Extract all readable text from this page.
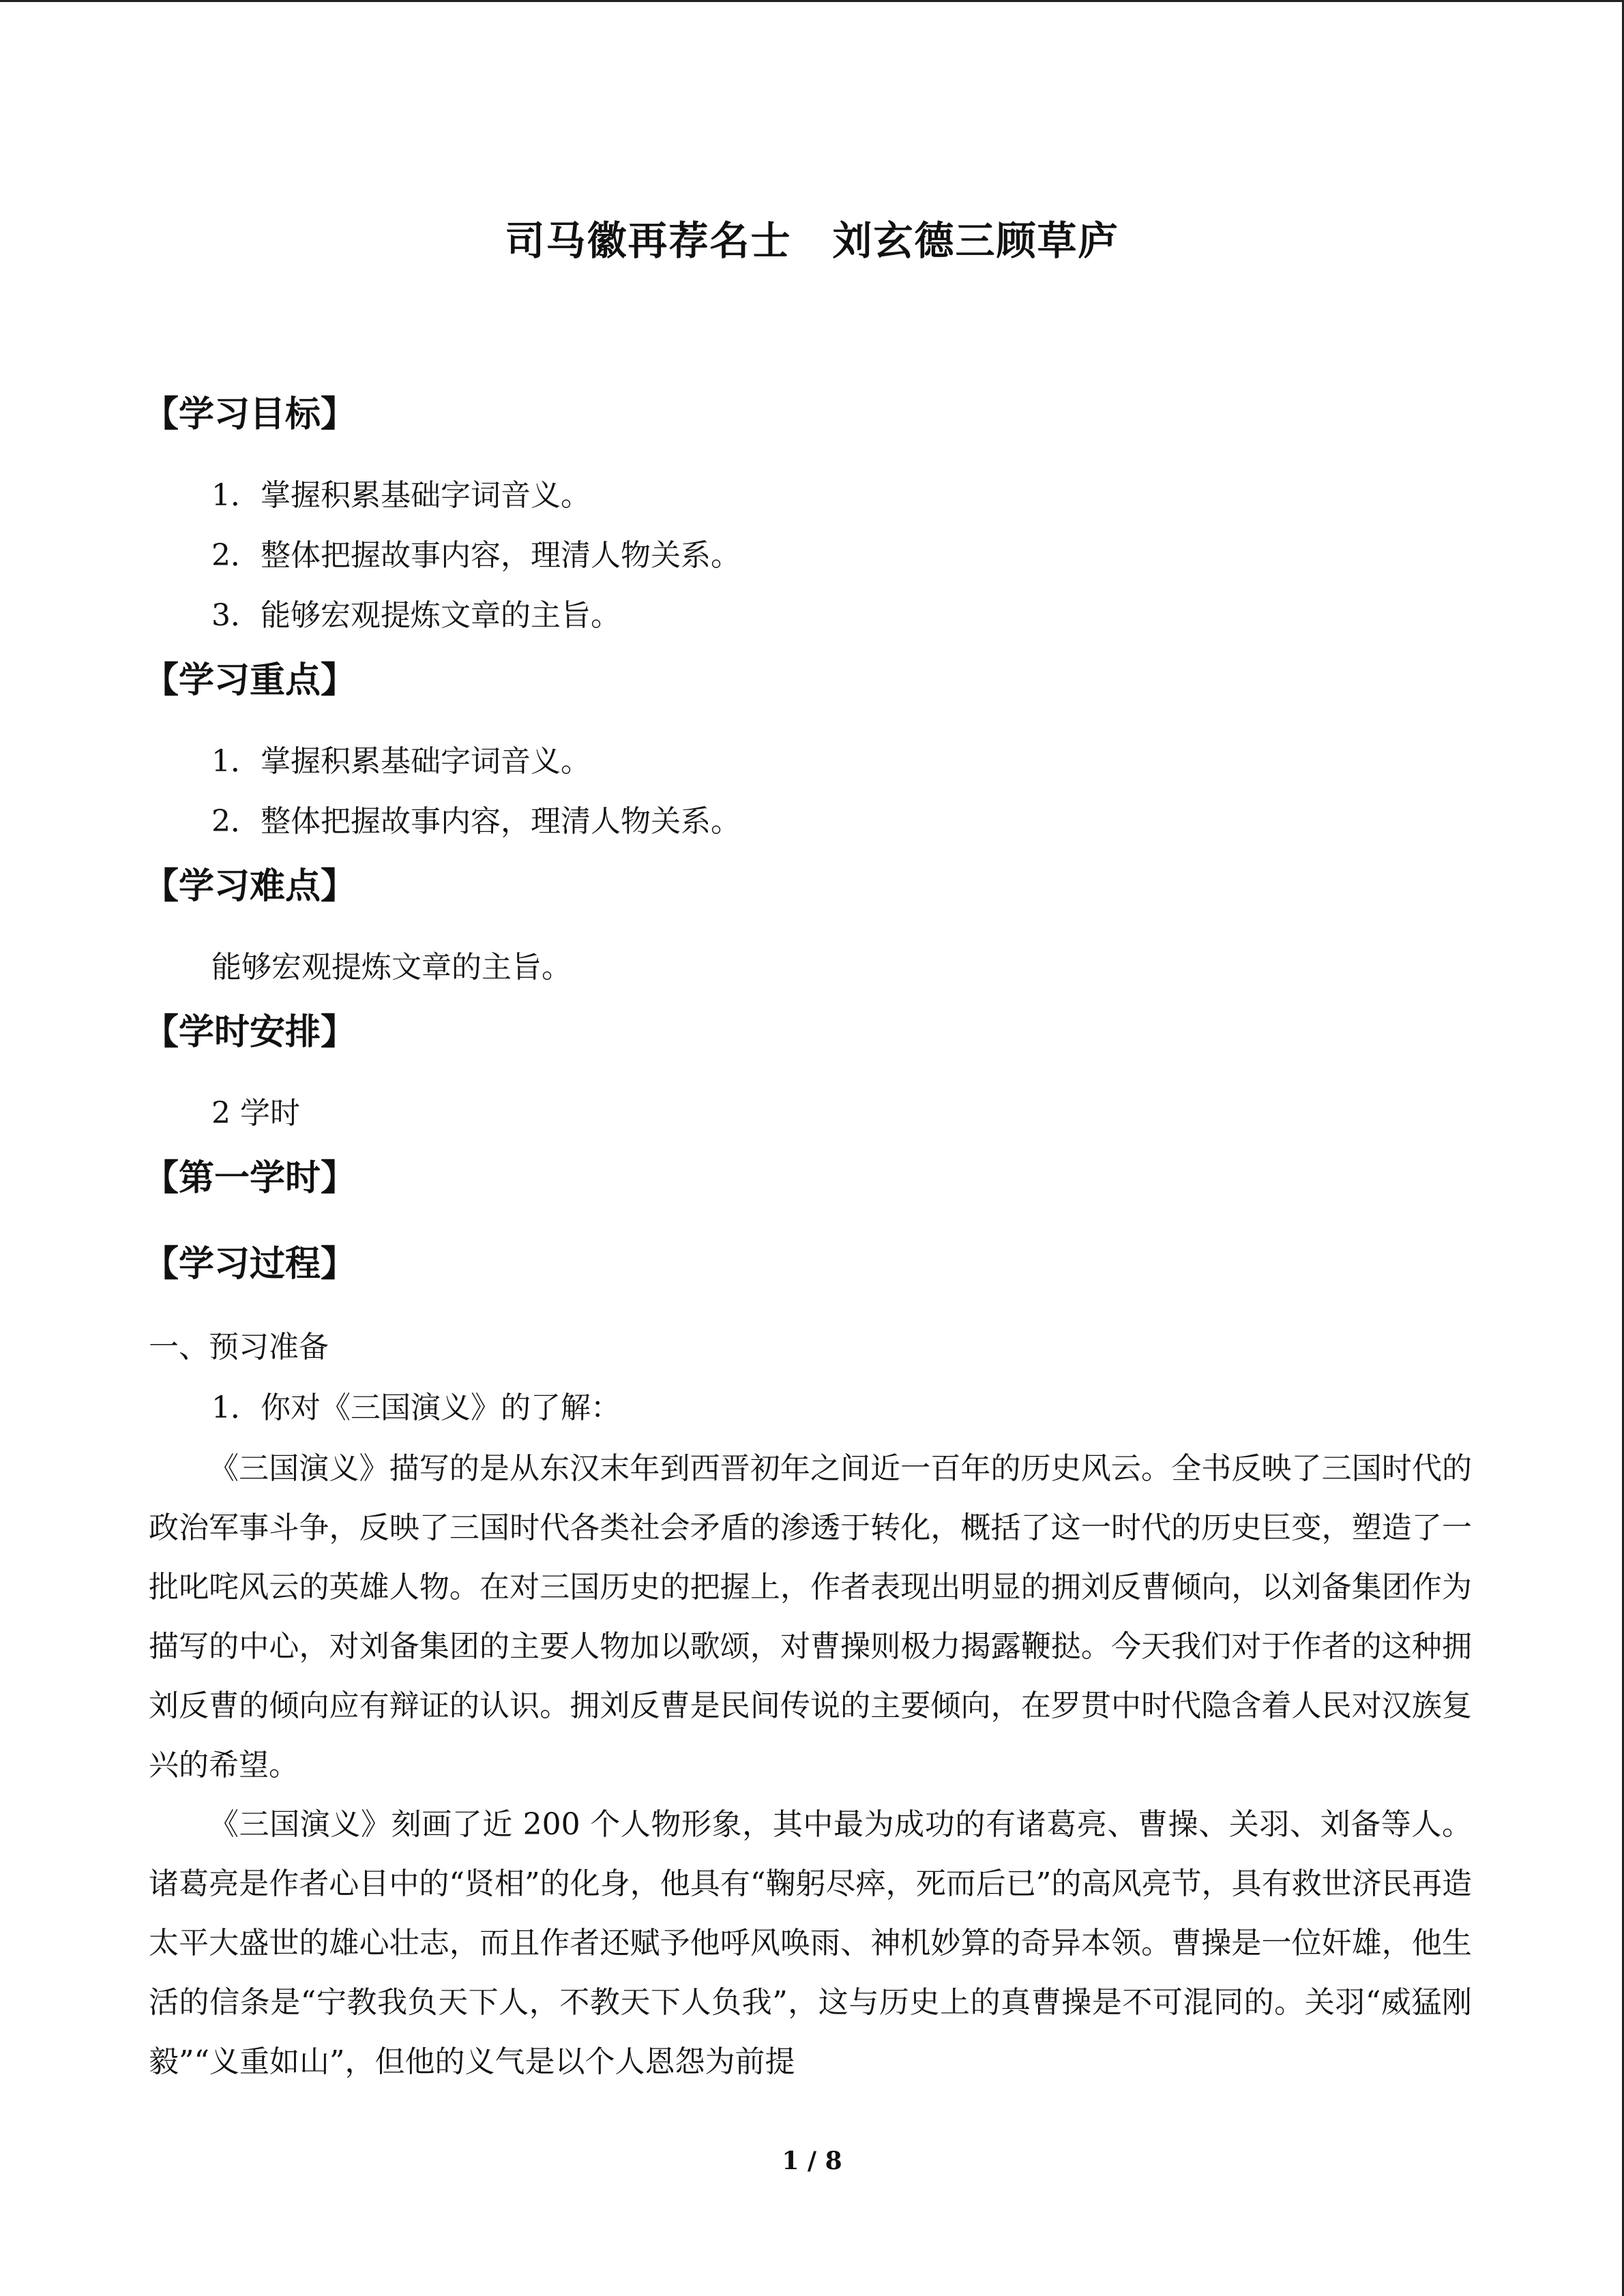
司马徽再荐名士　刘玄德三顾草庐
【学习目标】
1．掌握积累基础字词音义。
2．整体把握故事内容，理清人物关系。
3．能够宏观提炼文章的主旨。
【学习重点】
1．掌握积累基础字词音义。
2．整体把握故事内容，理清人物关系。
【学习难点】
能够宏观提炼文章的主旨。
【学时安排】
2 学时
【第一学时】
【学习过程】
一、预习准备
1．你对《三国演义》的了解：

《三国演义》描写的是从东汉末年到西晋初年之间近一百年的历史风云。全书反映了三国时代的政治军事斗争，反映了三国时代各类社会矛盾的渗透于转化，概括了这一时代的历史巨变，塑造了一批叱咤风云的英雄人物。在对三国历史的把握上，作者表现出明显的拥刘反曹倾向，以刘备集团作为描写的中心，对刘备集团的主要人物加以歌颂，对曹操则极力揭露鞭挞。今天我们对于作者的这种拥刘反曹的倾向应有辩证的认识。拥刘反曹是民间传说的主要倾向，在罗贯中时代隐含着人民对汉族复兴的希望。

《三国演义》刻画了近 200 个人物形象，其中最为成功的有诸葛亮、曹操、关羽、刘备等人。诸葛亮是作者心目中的“贤相”的化身，他具有“鞠躬尽瘁，死而后已”的高风亮节，具有救世济民再造太平大盛世的雄心壮志，而且作者还赋予他呼风唤雨、神机妙算的奇异本领。曹操是一位奸雄，他生活的信条是“宁教我负天下人，不教天下人负我”，这与历史上的真曹操是不可混同的。关羽“威猛刚毅”“义重如山”，但他的义气是以个人恩怨为前提

1 / 8
